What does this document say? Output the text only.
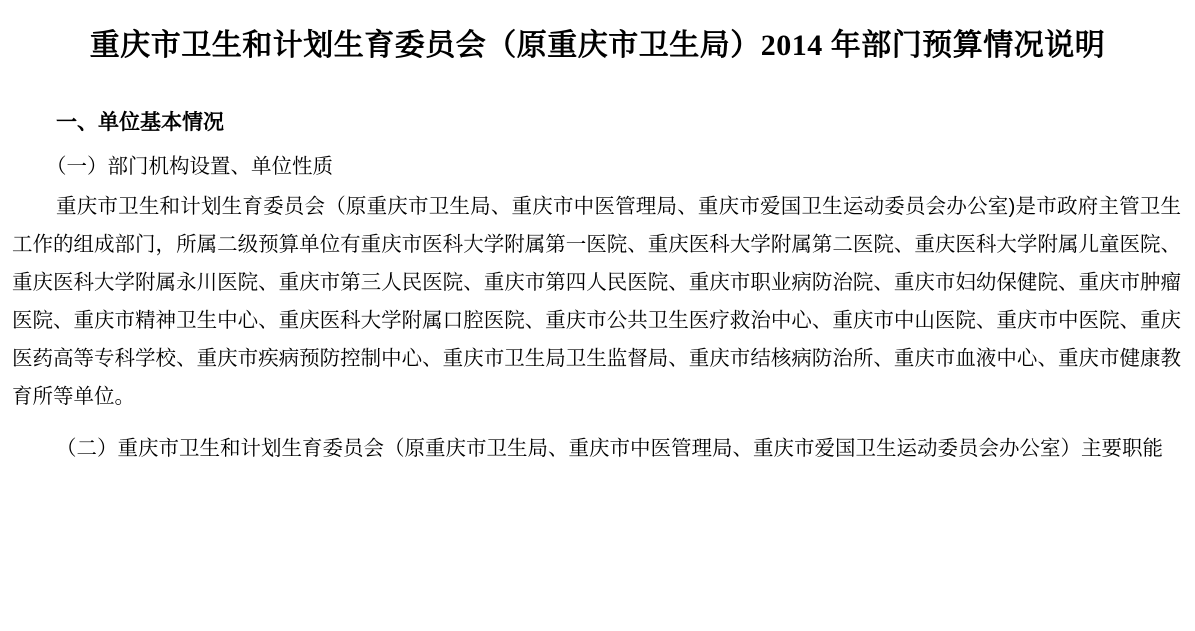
重庆市卫生和计划生育委员会（原重庆市卫生局）2014 年部门预算情况说明
一、单位基本情况

（一）部门机构设置、单位性质

重庆市卫生和计划生育委员会（原重庆市卫生局、重庆市中医管理局、重庆市爱国卫生运动委员会办公室)是市政府主管卫生工作的组成部门，所属二级预算单位有重庆市医科大学附属第一医院、重庆医科大学附属第二医院、重庆医科大学附属儿童医院、重庆医科大学附属永川医院、重庆市第三人民医院、重庆市第四人民医院、重庆市职业病防治院、重庆市妇幼保健院、重庆市肿瘤医院、重庆市精神卫生中心、重庆医科大学附属口腔医院、重庆市公共卫生医疗救治中心、重庆市中山医院、重庆市中医院、重庆医药高等专科学校、重庆市疾病预防控制中心、重庆市卫生局卫生监督局、重庆市结核病防治所、重庆市血液中心、重庆市健康教育所等单位。

（二）重庆市卫生和计划生育委员会（原重庆市卫生局、重庆市中医管理局、重庆市爱国卫生运动委员会办公室）主要职能
